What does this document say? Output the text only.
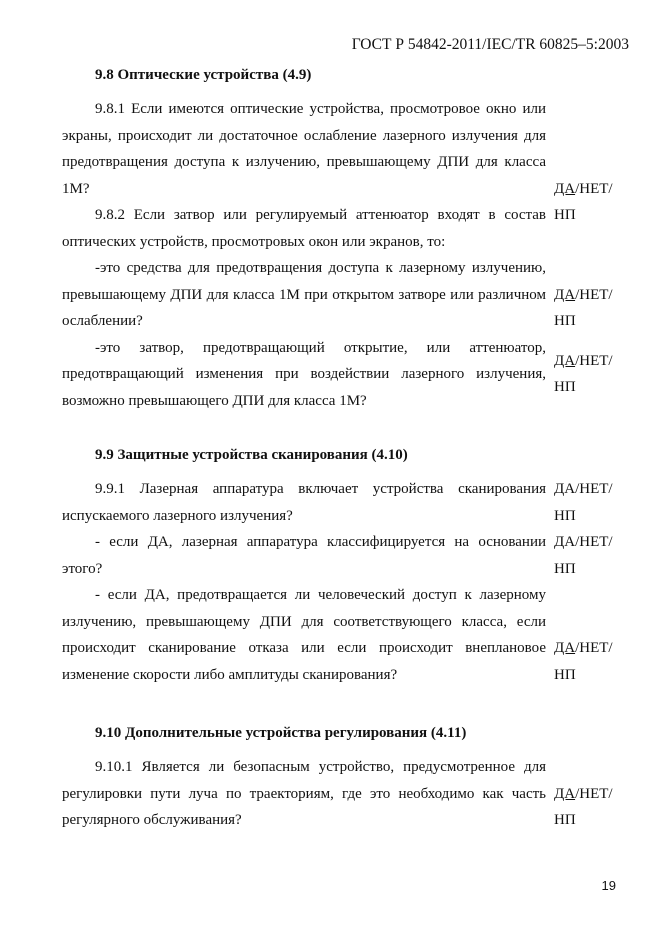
ГОСТ Р 54842-2011/IEC/TR 60825–5:2003
9.8 Оптические устройства (4.9)
9.8.1 Если имеются оптические устройства, просмотровое окно или экраны, происходит ли достаточное ослабление лазерного излучения для предотвращения доступа к излучению, превышающему ДПИ для класса 1М?	ДА/НЕТ/
НП
9.8.2 Если затвор или регулируемый аттенюатор входят в состав оптических устройств, просмотровых окон или экранов, то:
-это средства для предотвращения доступа к лазерному излучению, превышающему ДПИ для класса 1М при открытом затворе или различном ослаблении?
ДА/НЕТ/
НП
-это затвор, предотвращающий открытие, или аттенюатор, предотвращающий изменения при воздействии лазерного излучения, возможно превышающего ДПИ для класса 1М?
ДА/НЕТ/
НП
9.9 Защитные устройства сканирования (4.10)
9.9.1 Лазерная аппаратура включает устройства сканирования испускаемого лазерного излучения?
ДА/НЕТ/
НП
- если ДА, лазерная аппаратура классифицируется на основании этого?
ДА/НЕТ/
НП
- если ДА, предотвращается ли человеческий доступ к лазерному излучению, превышающему ДПИ для соответствующего класса, если происходит сканирование отказа или если происходит внеплановое изменение скорости либо амплитуды сканирования?
ДА/НЕТ/
НП
9.10 Дополнительные устройства регулирования (4.11)
9.10.1 Является ли безопасным устройство, предусмотренное для регулировки пути луча по траекториям, где это необходимо как часть регулярного обслуживания?
ДА/НЕТ/
НП
19
